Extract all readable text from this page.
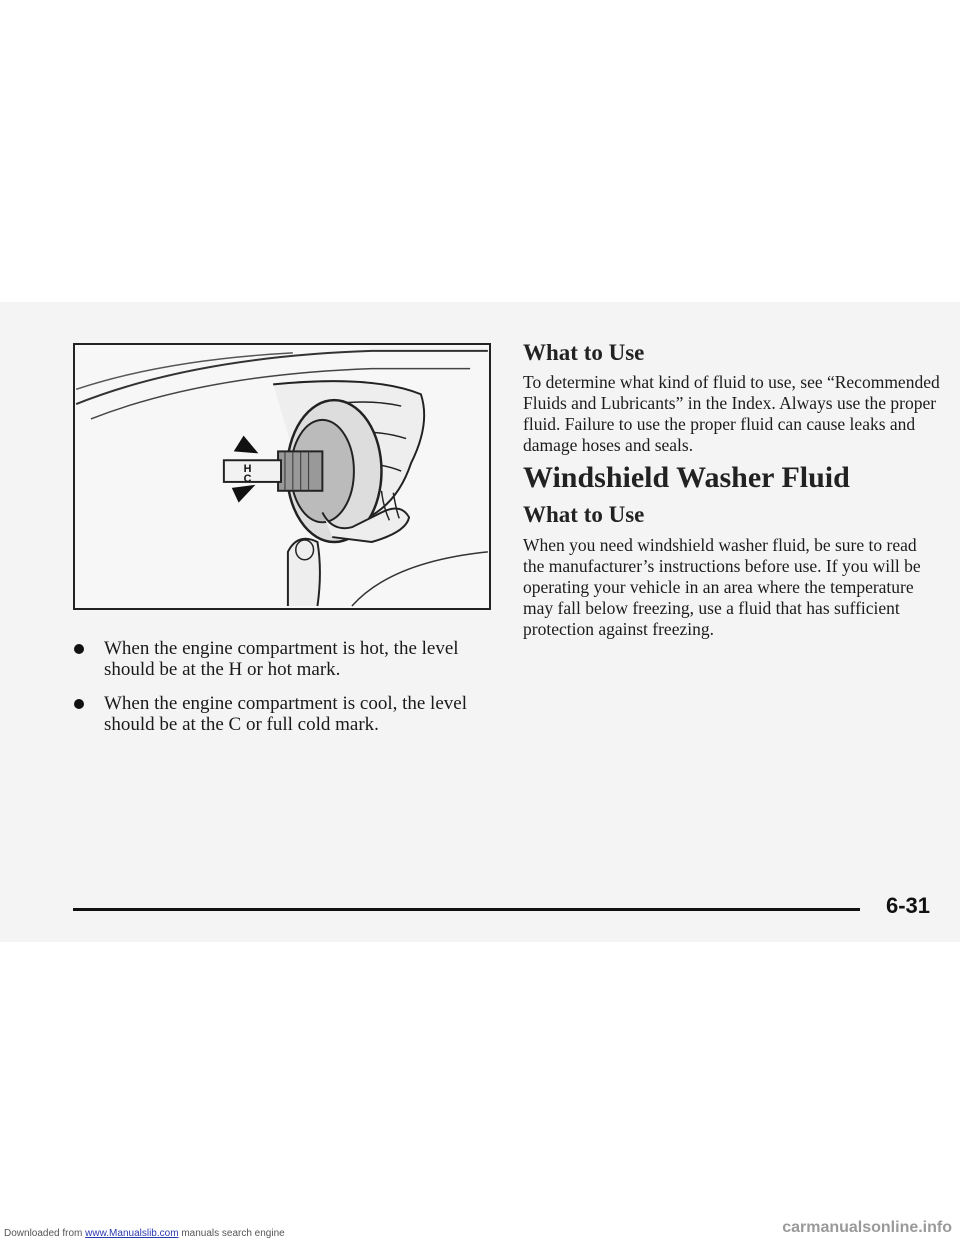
H
C
When the engine compartment is hot, the level should be at the H or hot mark.
When the engine compartment is cool, the level should be at the C or full cold mark.
What to Use

To determine what kind of fluid to use, see “Recommended Fluids and Lubricants” in the Index. Always use the proper fluid. Failure to use the proper fluid can cause leaks and damage hoses and seals.

Windshield Washer Fluid
What to Use

When you need windshield washer fluid, be sure to read the manufacturer’s instructions before use. If you will be operating your vehicle in an area where the temperature may fall below freezing, use a fluid that has sufficient protection against freezing.

6-31
Downloaded from www.Manualslib.com manuals search engine	carmanualsonline.info
